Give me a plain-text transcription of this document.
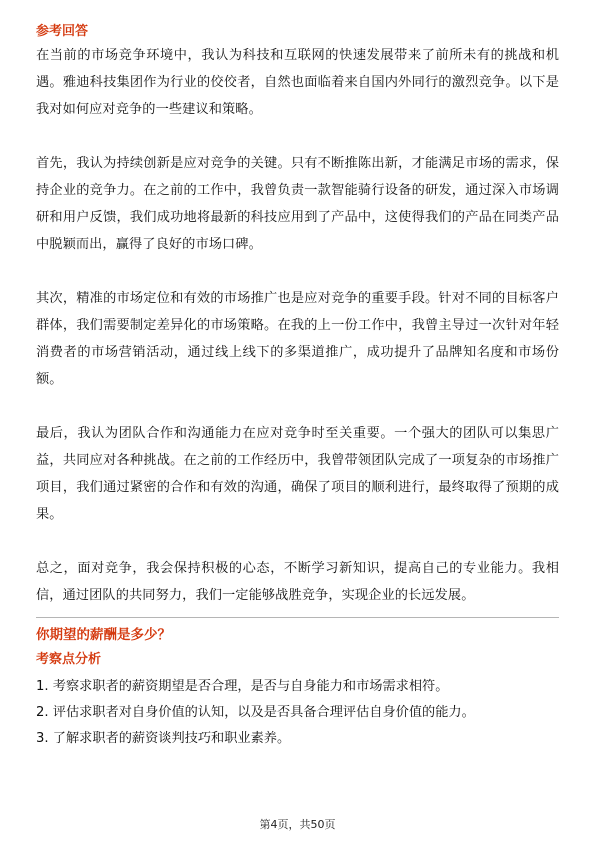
参考回答

在当前的市场竞争环境中，我认为科技和互联网的快速发展带来了前所未有的挑战和机遇。雅迪科技集团作为行业的佼佼者，自然也面临着来自国内外同行的激烈竞争。以下是我对如何应对竞争的一些建议和策略。

首先，我认为持续创新是应对竞争的关键。只有不断推陈出新，才能满足市场的需求，保持企业的竞争力。在之前的工作中，我曾负责一款智能骑行设备的研发，通过深入市场调研和用户反馈，我们成功地将最新的科技应用到了产品中，这使得我们的产品在同类产品中脱颖而出，赢得了良好的市场口碑。

其次，精准的市场定位和有效的市场推广也是应对竞争的重要手段。针对不同的目标客户群体，我们需要制定差异化的市场策略。在我的上一份工作中，我曾主导过一次针对年轻消费者的市场营销活动，通过线上线下的多渠道推广，成功提升了品牌知名度和市场份额。

最后，我认为团队合作和沟通能力在应对竞争时至关重要。一个强大的团队可以集思广益，共同应对各种挑战。在之前的工作经历中，我曾带领团队完成了一项复杂的市场推广项目，我们通过紧密的合作和有效的沟通，确保了项目的顺利进行，最终取得了预期的成果。

总之，面对竞争，我会保持积极的心态，不断学习新知识，提高自己的专业能力。我相信，通过团队的共同努力，我们一定能够战胜竞争，实现企业的长远发展。

你期望的薪酬是多少？
考察点分析

1. 考察求职者的薪资期望是否合理，是否与自身能力和市场需求相符。

2. 评估求职者对自身价值的认知，以及是否具备合理评估自身价值的能力。

3. 了解求职者的薪资谈判技巧和职业素养。

第4页，共50页
